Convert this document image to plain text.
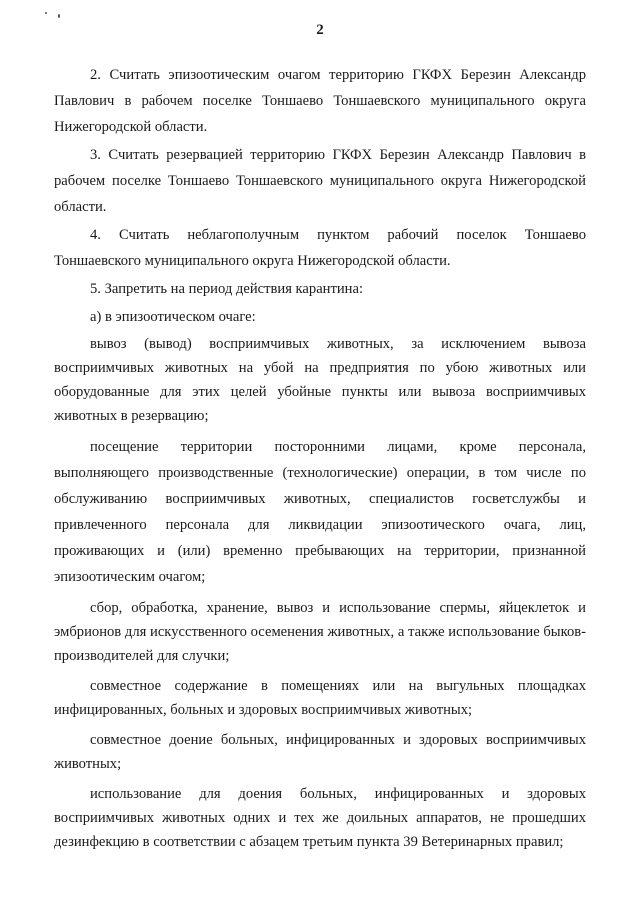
2

2. Считать эпизоотическим очагом территорию ГКФХ Березин Александр Павлович в рабочем поселке Тоншаево Тоншаевского муниципального округа Нижегородской области.

3. Считать резервацией территорию ГКФХ Березин Александр Павлович в рабочем поселке Тоншаево Тоншаевского муниципального округа Нижегородской области.

4. Считать неблагополучным пунктом рабочий поселок Тоншаево Тоншаевского муниципального округа Нижегородской области.

5. Запретить на период действия карантина:

а) в эпизоотическом очаге:

вывоз (вывод) восприимчивых животных, за исключением вывоза восприимчивых животных на убой на предприятия по убою животных или оборудованные для этих целей убойные пункты или вывоза восприимчивых животных в резервацию;

посещение территории посторонними лицами, кроме персонала, выполняющего производственные (технологические) операции, в том числе по обслуживанию восприимчивых животных, специалистов госветслужбы и привлеченного персонала для ликвидации эпизоотического очага, лиц, проживающих и (или) временно пребывающих на территории, признанной эпизоотическим очагом;

сбор, обработка, хранение, вывоз и использование спермы, яйцеклеток и эмбрионов для искусственного осеменения животных, а также использование быков-производителей для случки;

совместное содержание в помещениях или на выгульных площадках инфицированных, больных и здоровых восприимчивых животных;

совместное доение больных, инфицированных и здоровых восприимчивых животных;

использование для доения больных, инфицированных и здоровых восприимчивых животных одних и тех же доильных аппаратов, не прошедших дезинфекцию в соответствии с абзацем третьим пункта 39 Ветеринарных правил;
